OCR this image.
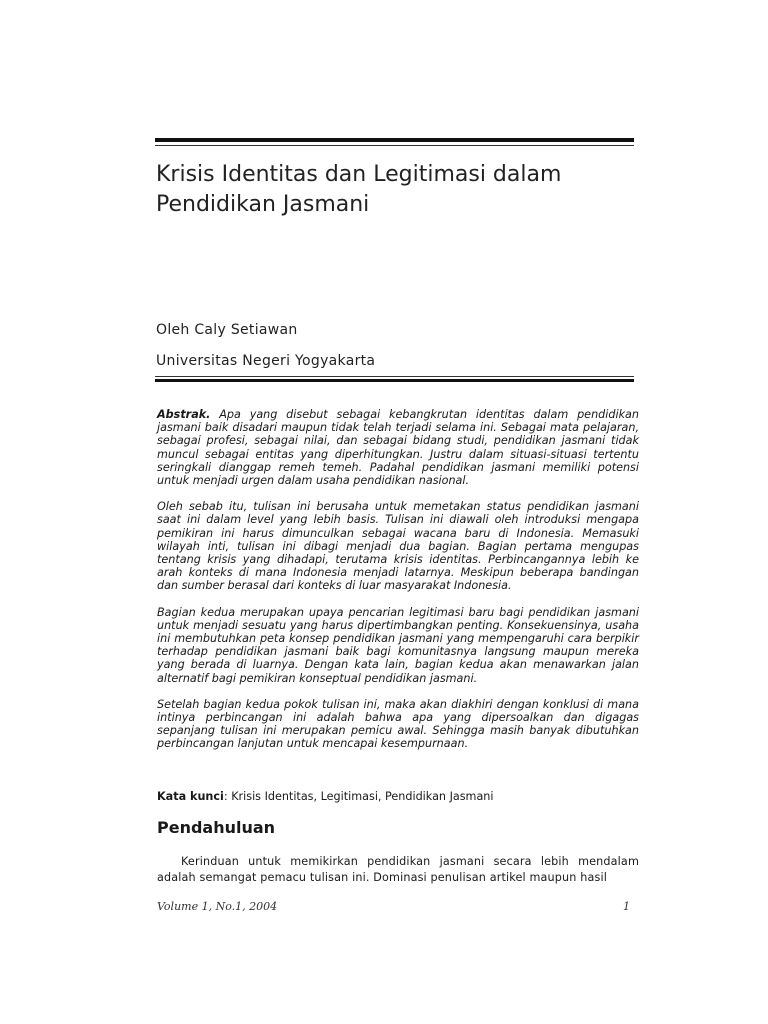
Krisis Identitas dan Legitimasi dalam Pendidikan Jasmani
Oleh Caly Setiawan
Universitas Negeri Yogyakarta

Abstrak. Apa yang disebut sebagai kebangkrutan identitas dalam pendidikan jasmani baik disadari maupun tidak telah terjadi selama ini. Sebagai mata pelajaran, sebagai profesi, sebagai nilai, dan sebagai bidang studi, pendidikan jasmani tidak muncul sebagai entitas yang diperhitungkan. Justru dalam situasi-situasi tertentu seringkali dianggap remeh temeh. Padahal pendidikan jasmani memiliki potensi untuk menjadi urgen dalam usaha pendidikan nasional.

Oleh sebab itu, tulisan ini berusaha untuk memetakan status pendidikan jasmani saat ini dalam level yang lebih basis. Tulisan ini diawali oleh introduksi mengapa pemikiran ini harus dimunculkan sebagai wacana baru di Indonesia. Memasuki wilayah inti, tulisan ini dibagi menjadi dua bagian. Bagian pertama mengupas tentang krisis yang dihadapi, terutama krisis identitas. Perbincangannya lebih ke arah konteks di mana Indonesia menjadi latarnya. Meskipun beberapa bandingan dan sumber berasal dari konteks di luar masyarakat Indonesia.

Bagian kedua merupakan upaya pencarian legitimasi baru bagi pendidikan jasmani untuk menjadi sesuatu yang harus dipertimbangkan penting. Konsekuensinya, usaha ini membutuhkan peta konsep pendidikan jasmani yang mempengaruhi cara berpikir terhadap pendidikan jasmani baik bagi komunitasnya langsung maupun mereka yang berada di luarnya. Dengan kata lain, bagian kedua akan menawarkan jalan alternatif bagi pemikiran konseptual pendidikan jasmani.

Setelah bagian kedua pokok tulisan ini, maka akan diakhiri dengan konklusi di mana intinya perbincangan ini adalah bahwa apa yang dipersoalkan dan digagas sepanjang tulisan ini merupakan pemicu awal. Sehingga masih banyak dibutuhkan perbincangan lanjutan untuk mencapai kesempurnaan.

Kata kunci: Krisis Identitas, Legitimasi, Pendidikan Jasmani
Pendahuluan

Kerinduan untuk memikirkan pendidikan jasmani secara lebih mendalam adalah semangat pemacu tulisan ini. Dominasi penulisan artikel maupun hasil

Volume 1, No.1, 2004	1
